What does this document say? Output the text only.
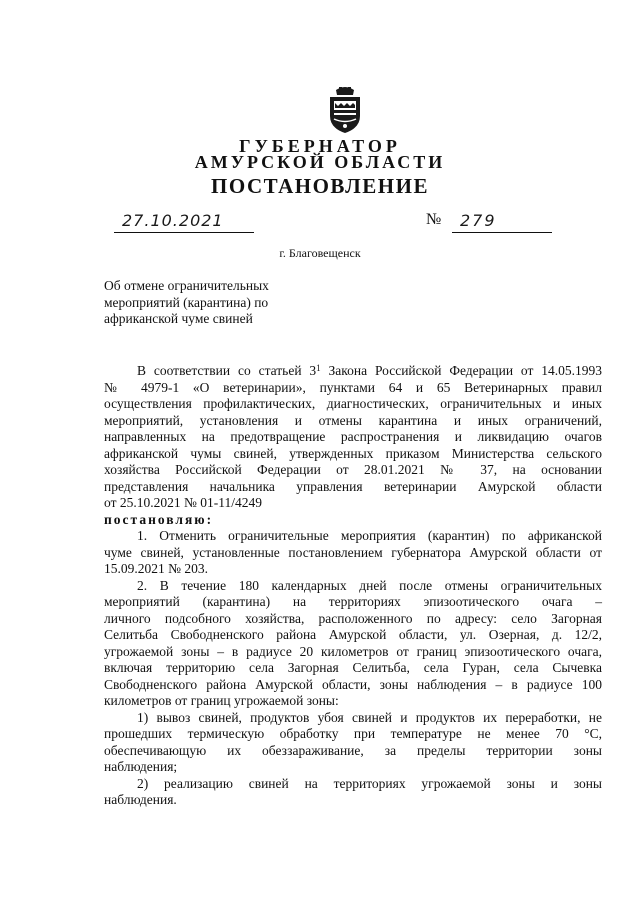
ГУБЕРНАТОР
АМУРСКОЙ ОБЛАСТИ
ПОСТАНОВЛЕНИЕ
27.10.2021	№ 279
г. Благовещенск
Об отмене ограничительных
мероприятий (карантина) по
африканской чуме свиней
В соответствии со статьей $3^1$ Закона Российской Федерации от 14.05.1993
№ 4979-1 «О ветеринарии», пунктами 64 и 65 Ветеринарных правил
осуществления профилактических, диагностических, ограничительных и иных
мероприятий, установления и отмены карантина и иных ограничений,
направленных на предотвращение распространения и ликвидацию очагов
африканской чумы свиней, утвержденных приказом Министерства сельского
хозяйства Российской Федерации от 28.01.2021 № 37, на основании
представления начальника управления ветеринарии Амурской области
от 25.10.2021 № 01-11/4249
постановляю:
1. Отменить ограничительные мероприятия (карантин) по африканской
чуме свиней, установленные постановлением губернатора Амурской области от
15.09.2021 № 203.
2. В течение 180 календарных дней после отмены ограничительных
мероприятий (карантина) на территориях эпизоотического очага –
личного подсобного хозяйства, расположенного по адресу: село Загорная
Селитьба Свободненского района Амурской области, ул. Озерная, д. 12/2,
угрожаемой зоны – в радиусе 20 километров от границ эпизоотического очага,
включая территорию села Загорная Селитьба, села Гуран, села Сычевка
Свободненского района Амурской области, зоны наблюдения – в радиусе 100
километров от границ угрожаемой зоны:
1) вывоз свиней, продуктов убоя свиней и продуктов их переработки, не
прошедших термическую обработку при температуре не менее 70 °С,
обеспечивающую их обеззараживание, за пределы территории зоны
наблюдения;
2) реализацию свиней на территориях угрожаемой зоны и зоны
наблюдения.
